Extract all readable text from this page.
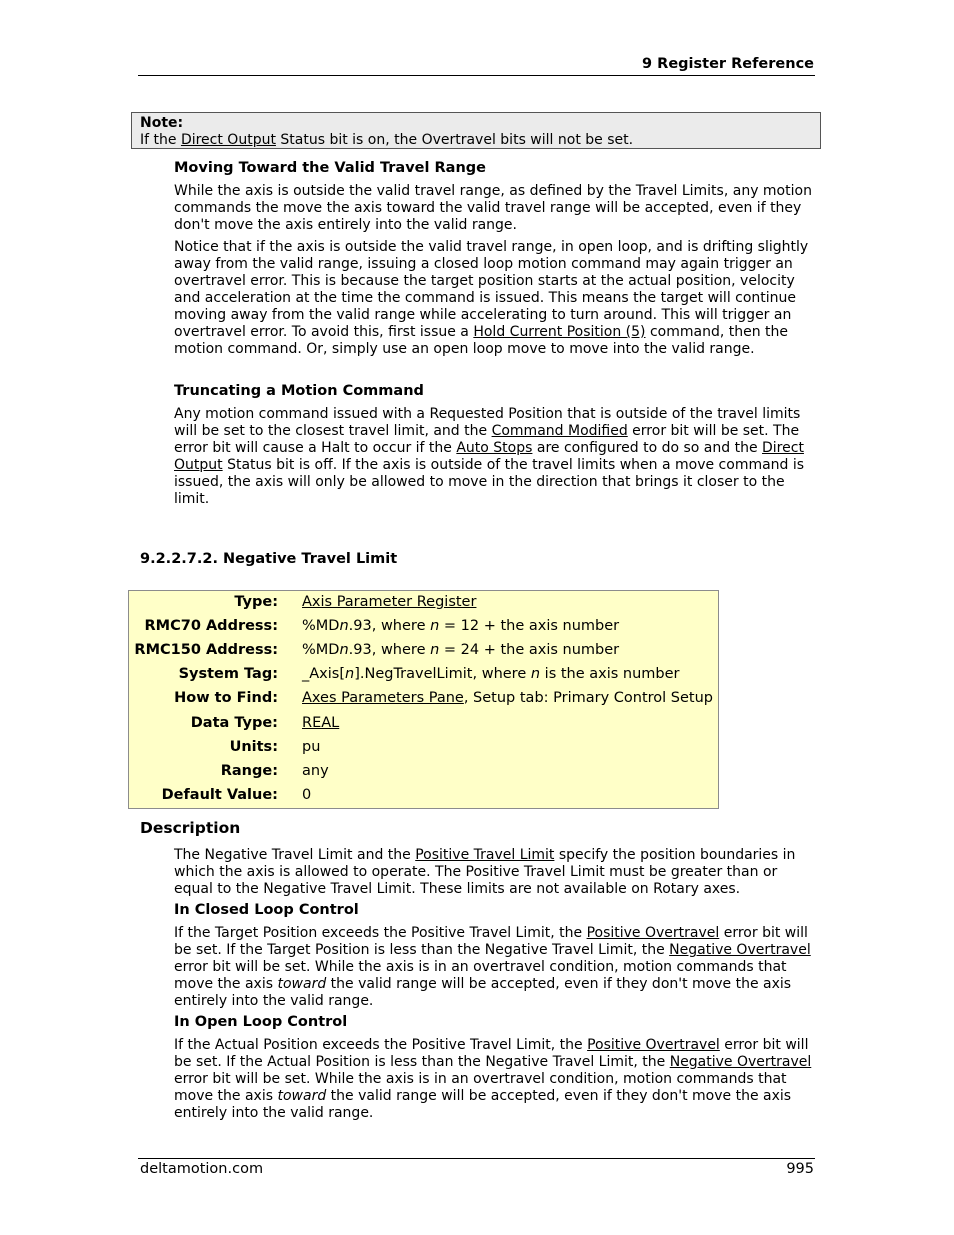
9 Register Reference
Note:
If the Direct Output Status bit is on, the Overtravel bits will not be set.
Moving Toward the Valid Travel Range

While the axis is outside the valid travel range, as defined by the Travel Limits, any motion commands the move the axis toward the valid travel range will be accepted, even if they don't move the axis entirely into the valid range.

Notice that if the axis is outside the valid travel range, in open loop, and is drifting slightly away from the valid range, issuing a closed loop motion command may again trigger an overtravel error. This is because the target position starts at the actual position, velocity and acceleration at the time the command is issued. This means the target will continue moving away from the valid range while accelerating to turn around. This will trigger an overtravel error. To avoid this, first issue a Hold Current Position (5) command, then the motion command. Or, simply use an open loop move to move into the valid range.

Truncating a Motion Command

Any motion command issued with a Requested Position that is outside of the travel limits will be set to the closest travel limit, and the Command Modified error bit will be set. The error bit will cause a Halt to occur if the Auto Stops are configured to do so and the Direct Output Status bit is off. If the axis is outside of the travel limits when a move command is issued, the axis will only be allowed to move in the direction that brings it closer to the limit.

9.2.2.7.2. Negative Travel Limit
Type: Axis Parameter Register
RMC70 Address: %MDn.93, where n = 12 + the axis number
RMC150 Address: %MDn.93, where n = 24 + the axis number
System Tag: _Axis[n].NegTravelLimit, where n is the axis number
How to Find: Axes Parameters Pane, Setup tab: Primary Control Setup
Data Type: REAL
Units: pu
Range: any
Default Value: 0
Description

The Negative Travel Limit and the Positive Travel Limit specify the position boundaries in which the axis is allowed to operate. The Positive Travel Limit must be greater than or equal to the Negative Travel Limit. These limits are not available on Rotary axes.

In Closed Loop Control

If the Target Position exceeds the Positive Travel Limit, the Positive Overtravel error bit will be set. If the Target Position is less than the Negative Travel Limit, the Negative Overtravel error bit will be set. While the axis is in an overtravel condition, motion commands that move the axis toward the valid range will be accepted, even if they don't move the axis entirely into the valid range.

In Open Loop Control

If the Actual Position exceeds the Positive Travel Limit, the Positive Overtravel error bit will be set. If the Actual Position is less than the Negative Travel Limit, the Negative Overtravel error bit will be set. While the axis is in an overtravel condition, motion commands that move the axis toward the valid range will be accepted, even if they don't move the axis entirely into the valid range.

deltamotion.com	995
